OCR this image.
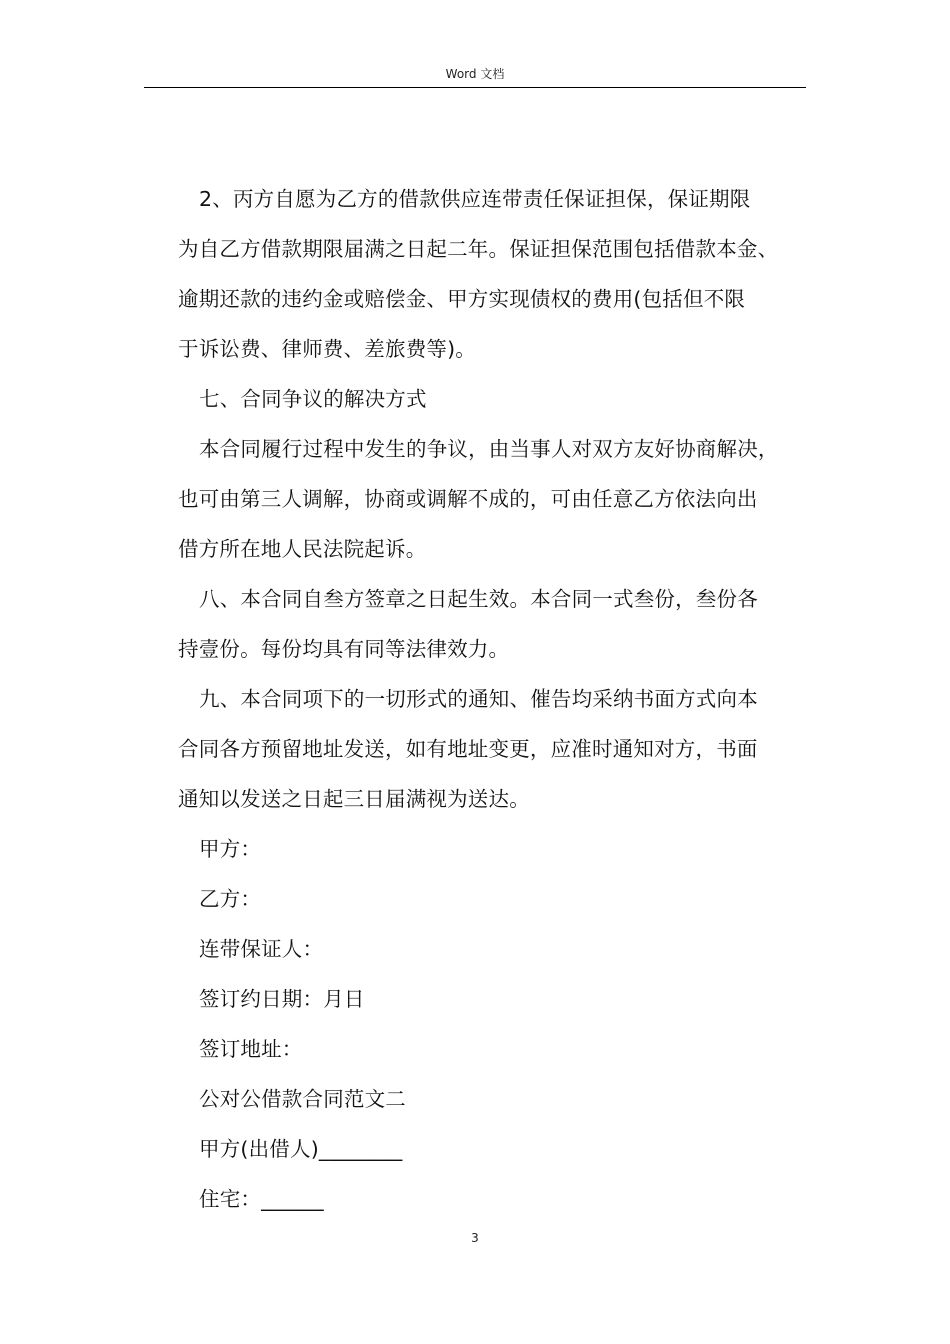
Word 文档
2、丙方自愿为乙方的借款供应连带责任保证担保，保证期限
为自乙方借款期限届满之日起二年。保证担保范围包括借款本金、
逾期还款的违约金或赔偿金、甲方实现债权的费用(包括但不限
于诉讼费、律师费、差旅费等)。
七、合同争议的解决方式
本合同履行过程中发生的争议，由当事人对双方友好协商解决，
也可由第三人调解，协商或调解不成的，可由任意乙方依法向出
借方所在地人民法院起诉。
八、本合同自叁方签章之日起生效。本合同一式叁份，叁份各
持壹份。每份均具有同等法律效力。
九、本合同项下的一切形式的通知、催告均采纳书面方式向本
合同各方预留地址发送，如有地址变更，应准时通知对方，书面
通知以发送之日起三日届满视为送达。
甲方：
乙方：
连带保证人：
签订约日期：月日
签订地址：
公对公借款合同范文二
甲方(出借人)________
住宅：______
3
